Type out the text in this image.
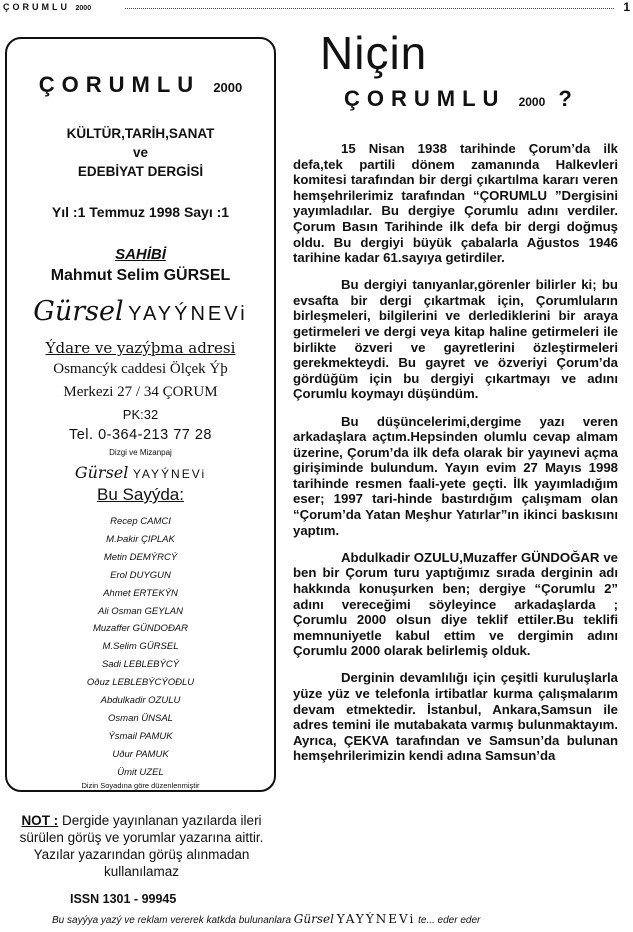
ÇORUMLU 2000	1
ÇORUMLU 2000
KÜLTÜR,TARİH,SANAT
ve
EDEBİYAT DERGİSİ
Yıl :1 Temmuz 1998 Sayı :1
SAHİBİ
Mahmut Selim GÜRSEL
Gürsel YAYÝNEVi
Ýdare ve yazýþma adresi
Osmancýk caddesi Ölçek Ýþ
Merkezi 27 / 34 ÇORUM
PK:32
Tel. 0-364-213 77 28
Dizgi ve Mizanpaj
Gürsel YAYÝNEVi
Bu Sayýda:
Recep CAMCI
M.Þakir ÇIPLAK
Metin DEMÝRCÝ
Erol DUYGUN
Ahmet ERTEKÝN
Ali Osman GEYLAN
Muzaffer GÜNDOÐAR
M.Selim GÜRSEL
Sadi LEBLEBÝCÝ
Oðuz LEBLEBÝCÝOÐLU
Abdulkadir OZULU
Osman ÜNSAL
Ýsmail PAMUK
Uður PAMUK
Ümit UZEL
Dizin Soyadına göre düzenlenmiştir
NOT : Dergide yayınlanan yazılarda ileri sürülen görüş ve yorumlar yazarına aittir. Yazılar yazarından görüş alınmadan kullanılamaz
ISSN 1301 - 99945
Bu sayýya yazý ve reklam vererek katkda bulunanlara Gürsel YAYÝNEVi te... eder eder
Niçin
ÇORUMLU 2000 ?

15 Nisan 1938 tarihinde Çorum’da ilk defa,tek partili dönem zamanında Halkevleri komitesi tarafından bir dergi çıkartılma kararı veren hemşehrilerimiz tarafından “ÇORUMLU ”Dergisini yayımladılar. Bu dergiye Çorumlu adını verdiler. Çorum Basın Tarihinde ilk defa bir dergi doğmuş oldu. Bu dergiyi büyük çabalarla Ağustos 1946 tarihine kadar 61.sayıya getirdiler.

Bu dergiyi tanıyanlar,görenler bilirler ki; bu evsafta bir dergi çıkartmak için, Çorumluların birleşmeleri, bilgilerini ve derlediklerini bir araya getirmeleri ve dergi veya kitap haline getirmeleri ile birlikte özveri ve gayretlerini özleştirmeleri gerekmekteydi. Bu gayret ve özveriyi Çorum’da gördüğüm için bu dergiyi çıkartmayı ve adını Çorumlu koymayı düşündüm.

Bu düşüncelerimi,dergime yazı veren arkadaşlara açtım.Hepsinden olumlu cevap almam üzerine, Çorum’da ilk defa olarak bir yayınevi açma girişiminde bulundum. Yayın evim 27 Mayıs 1998 tarihinde resmen faali-yete geçti. İlk yayımladığım eser; 1997 tari-hinde bastırdığım çalışmam olan “Çorum’da Yatan Meşhur Yatırlar”ın ikinci baskısını yaptım.

Abdulkadir OZULU,Muzaffer GÜNDOĞAR ve ben bir Çorum turu yaptığımız sırada derginin adı hakkında konuşurken ben; dergiye “Çorumlu 2” adını vereceğimi söyleyince arkadaşlarda ; Çorumlu 2000 olsun diye teklif ettiler.Bu teklifi memnuniyetle kabul ettim ve dergimin adını Çorumlu 2000 olarak belirlemiş olduk.

Derginin devamlılığı için çeşitli kuruluşlarla yüze yüz ve telefonla irtibatlar kurma çalışmalarım devam etmektedir. İstanbul, Ankara,Samsun ile adres temini ile mutabakata varmış bulunmaktayım. Ayrıca, ÇEKVA tarafından ve Samsun’da bulunan hemşehrilerimizin kendi adına Samsun’da
